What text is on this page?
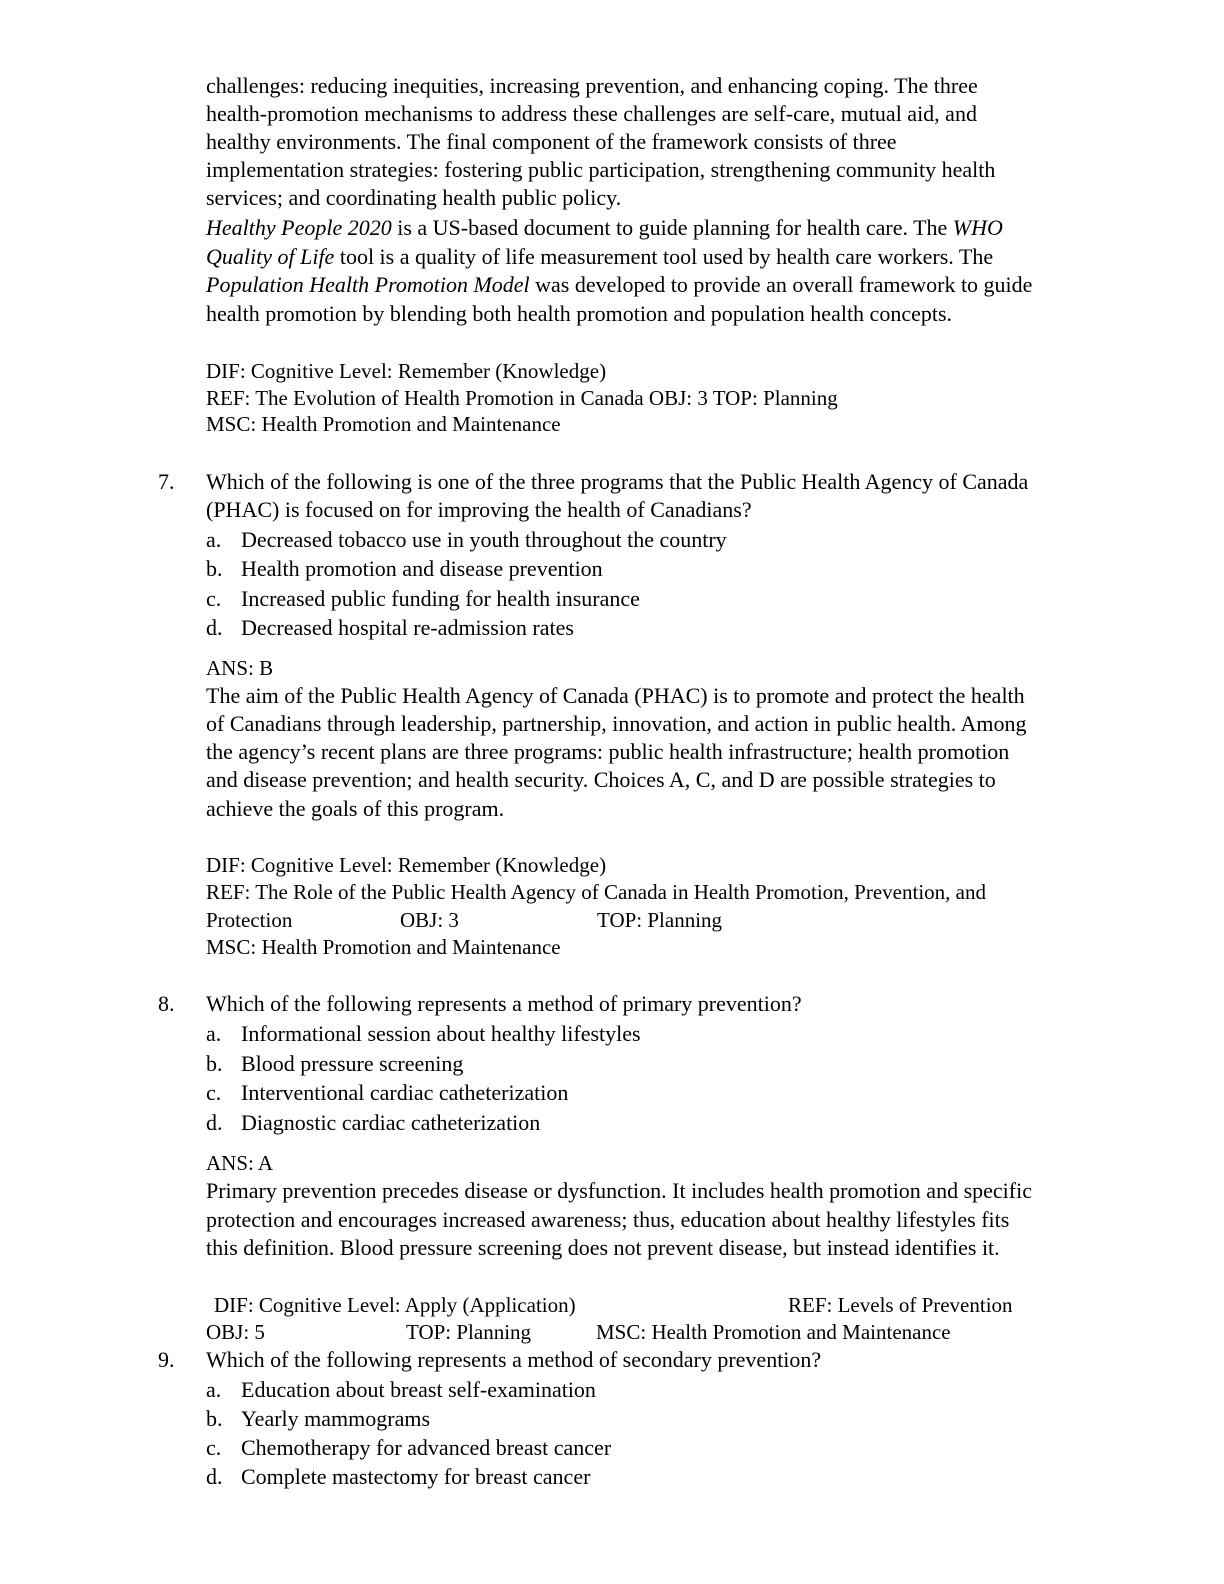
challenges: reducing inequities, increasing prevention, and enhancing coping. The three
health-promotion mechanisms to address these challenges are self-care, mutual aid, and
healthy environments. The final component of the framework consists of three
implementation strategies: fostering public participation, strengthening community health
services; and coordinating health public policy.
Healthy People 2020 is a US-based document to guide planning for health care. The WHO
Quality of Life tool is a quality of life measurement tool used by health care workers. The
Population Health Promotion Model was developed to provide an overall framework to guide
health promotion by blending both health promotion and population health concepts.
DIF: Cognitive Level: Remember (Knowledge)
REF: The Evolution of Health Promotion in Canada OBJ: 3 TOP: Planning
MSC: Health Promotion and Maintenance
7. Which of the following is one of the three programs that the Public Health Agency of Canada
(PHAC) is focused on for improving the health of Canadians?
a. Decreased tobacco use in youth throughout the country
b. Health promotion and disease prevention
c. Increased public funding for health insurance
d. Decreased hospital re-admission rates
ANS: B
The aim of the Public Health Agency of Canada (PHAC) is to promote and protect the health
of Canadians through leadership, partnership, innovation, and action in public health. Among
the agency’s recent plans are three programs: public health infrastructure; health promotion
and disease prevention; and health security. Choices A, C, and D are possible strategies to
achieve the goals of this program.
DIF: Cognitive Level: Remember (Knowledge)
REF: The Role of the Public Health Agency of Canada in Health Promotion, Prevention, and
Protection	OBJ: 3	TOP: Planning
MSC: Health Promotion and Maintenance
8. Which of the following represents a method of primary prevention?
a. Informational session about healthy lifestyles
b. Blood pressure screening
c. Interventional cardiac catheterization
d. Diagnostic cardiac catheterization
ANS: A
Primary prevention precedes disease or dysfunction. It includes health promotion and specific
protection and encourages increased awareness; thus, education about healthy lifestyles fits
this definition. Blood pressure screening does not prevent disease, but instead identifies it.
DIF: Cognitive Level: Apply (Application)	REF: Levels of Prevention
OBJ: 5	TOP: Planning	MSC: Health Promotion and Maintenance
9. Which of the following represents a method of secondary prevention?
a. Education about breast self-examination
b. Yearly mammograms
c. Chemotherapy for advanced breast cancer
d. Complete mastectomy for breast cancer
